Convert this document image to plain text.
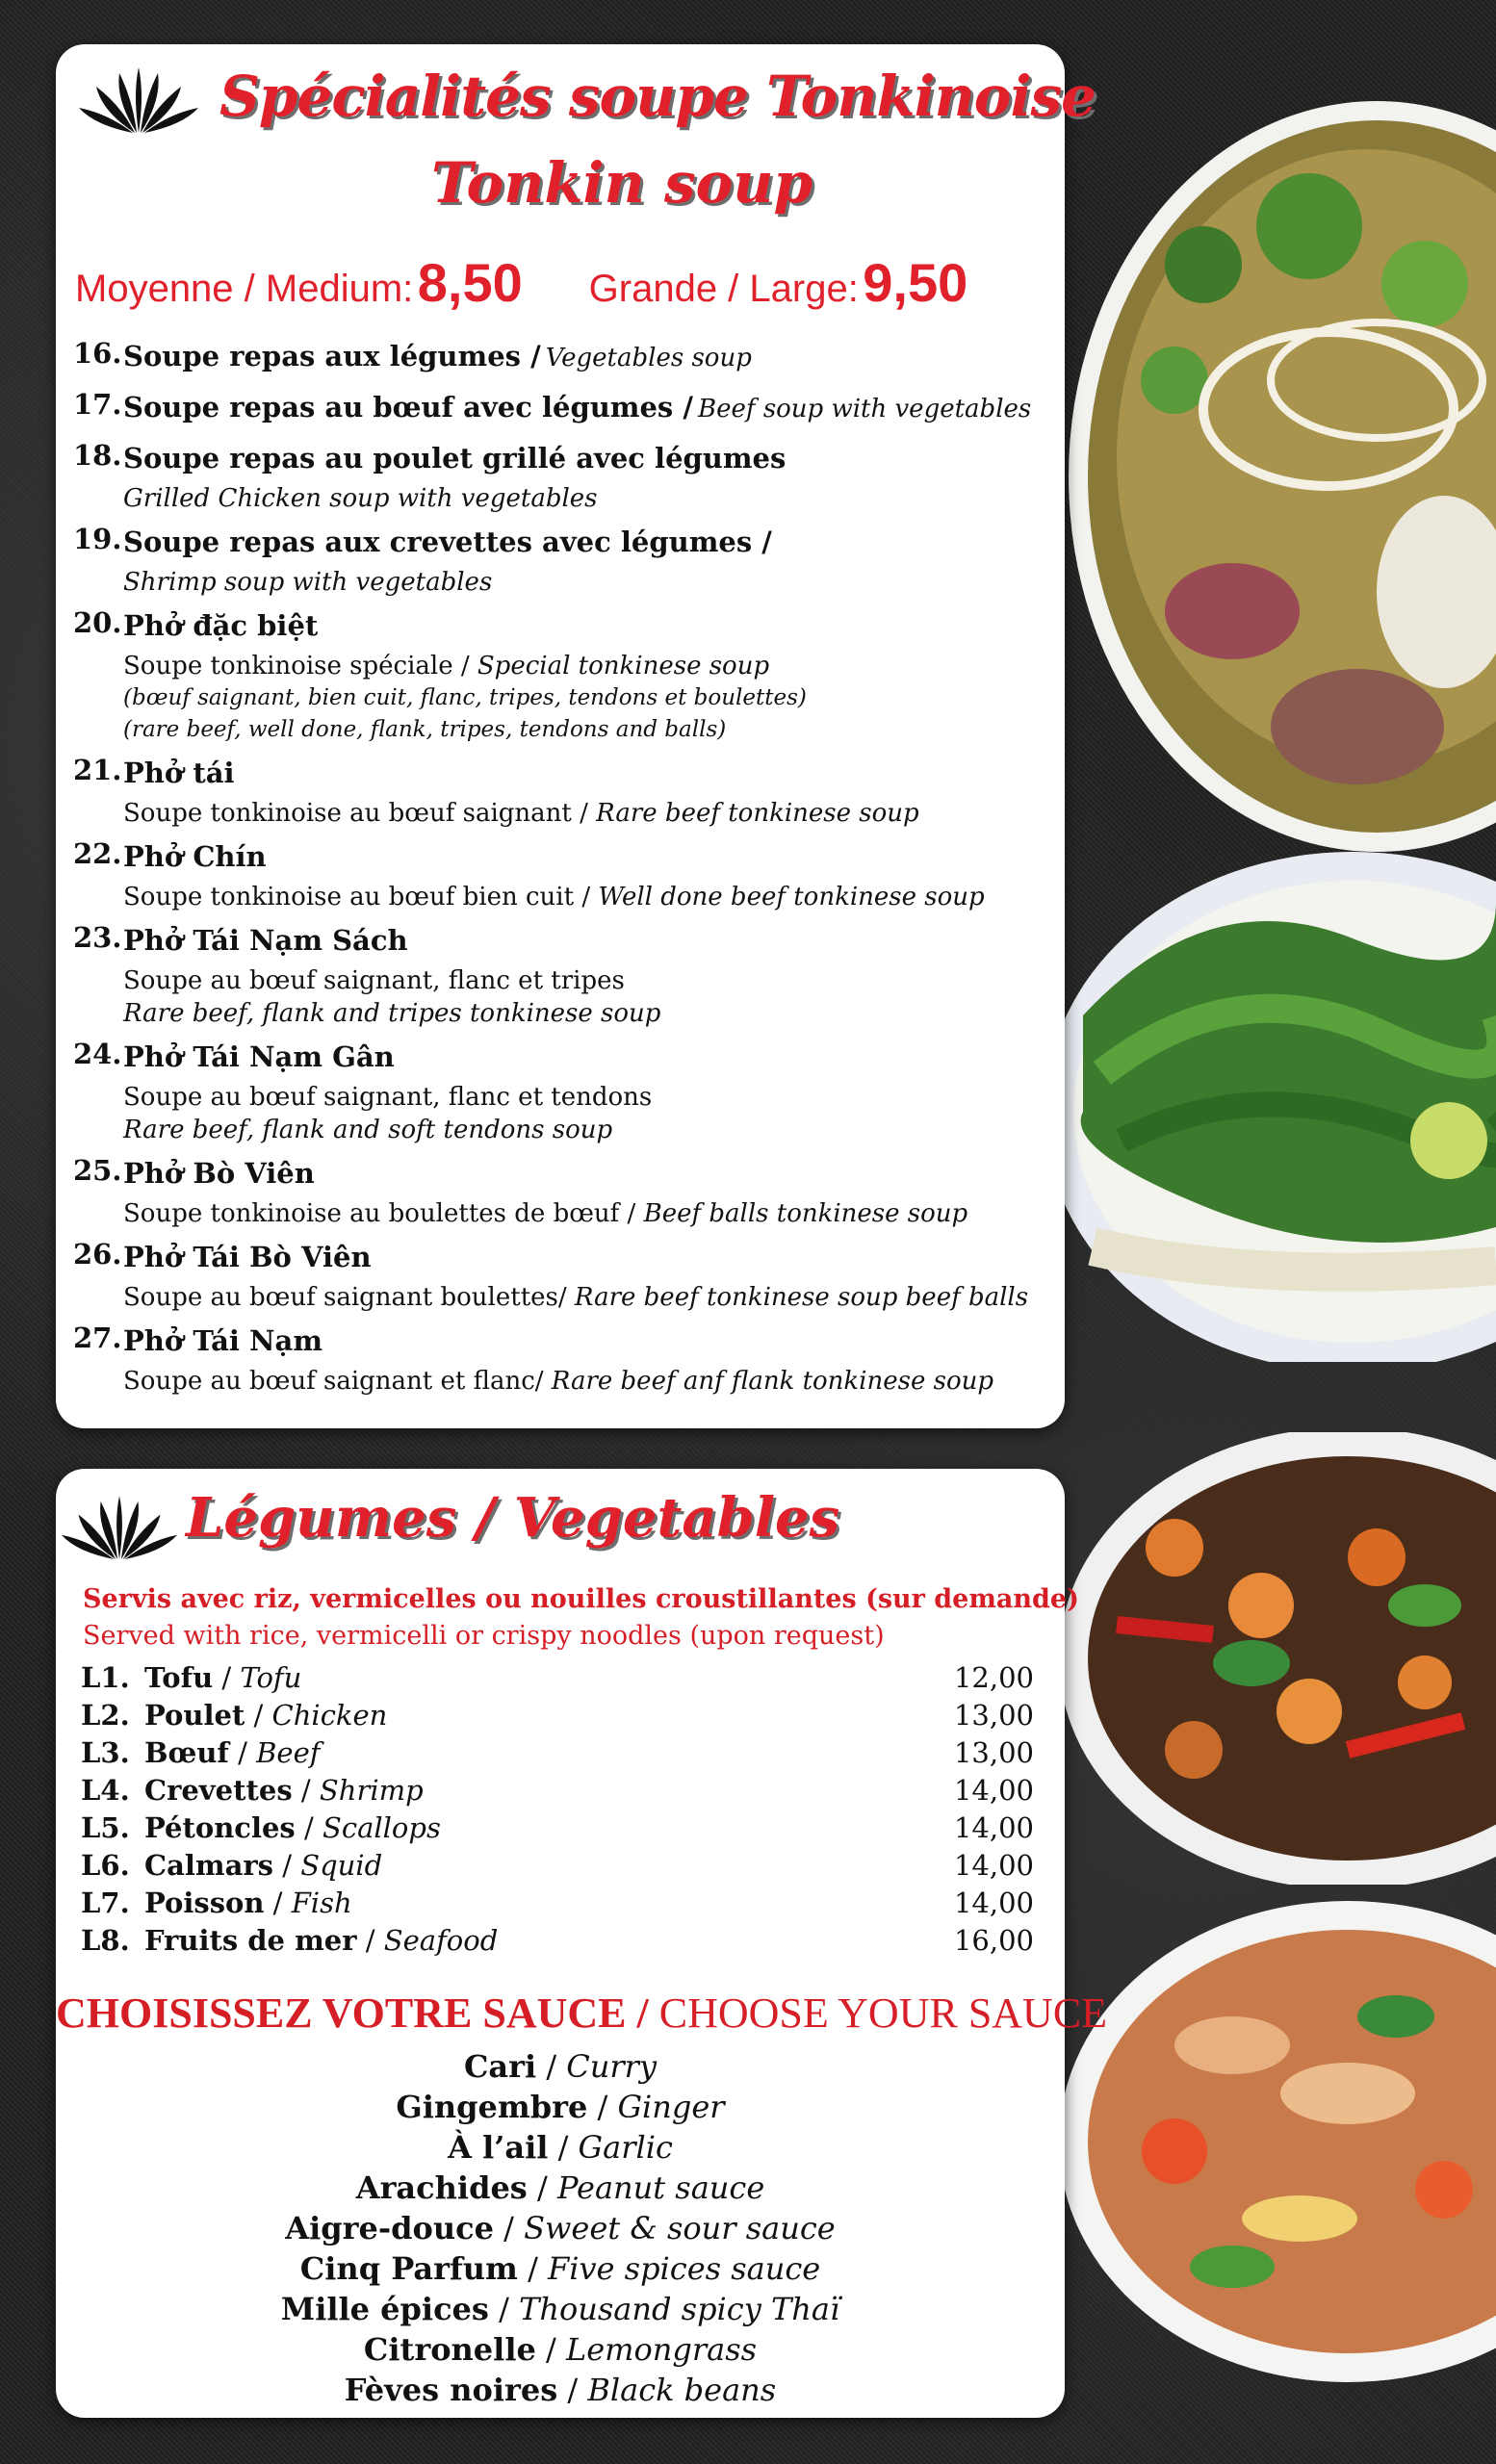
Spécialités soupe Tonkinoise
Tonkin soup
Moyenne / Medium: 8,50 Grande / Large: 9,50
16. Soupe repas aux légumes / Vegetables soup
17. Soupe repas au bœuf avec légumes / Beef soup with vegetables
18. Soupe repas au poulet grillé avec légumes
Grilled Chicken soup with vegetables
19. Soupe repas aux crevettes avec légumes /
Shrimp soup with vegetables
20. Phở đặc biệt
Soupe tonkinoise spéciale / Special tonkinese soup
(bœuf saignant, bien cuit, flanc, tripes, tendons et boulettes)
(rare beef, well done, flank, tripes, tendons and balls)
21. Phở tái
Soupe tonkinoise au bœuf saignant / Rare beef tonkinese soup
22. Phở Chín
Soupe tonkinoise au bœuf bien cuit / Well done beef tonkinese soup
23. Phở Tái Nạm Sách
Soupe au bœuf saignant, flanc et tripes
Rare beef, flank and tripes tonkinese soup
24. Phở Tái Nạm Gân
Soupe au bœuf saignant, flanc et tendons
Rare beef, flank and soft tendons soup
25. Phở Bò Viên
Soupe tonkinoise au boulettes de bœuf / Beef balls tonkinese soup
26. Phở Tái Bò Viên
Soupe au bœuf saignant boulettes/ Rare beef tonkinese soup beef balls
27. Phở Tái Nạm
Soupe au bœuf saignant et flanc/ Rare beef anf flank tonkinese soup
Légumes / Vegetables
Servis avec riz, vermicelles ou nouilles croustillantes (sur demande)
Served with rice, vermicelli or crispy noodles (upon request)
L1. Tofu / Tofu	12,00
L2. Poulet / Chicken	13,00
L3. Bœuf / Beef	13,00
L4. Crevettes / Shrimp	14,00
L5. Pétoncles / Scallops	14,00
L6. Calmars / Squid	14,00
L7. Poisson / Fish	14,00
L8. Fruits de mer / Seafood	16,00
CHOISISSEZ VOTRE SAUCE / CHOOSE YOUR SAUCE
Cari / Curry
Gingembre / Ginger
À l’ail / Garlic
Arachides / Peanut sauce
Aigre-douce / Sweet & sour sauce
Cinq Parfum / Five spices sauce
Mille épices / Thousand spicy Thaï
Citronelle / Lemongrass
Fèves noires / Black beans
